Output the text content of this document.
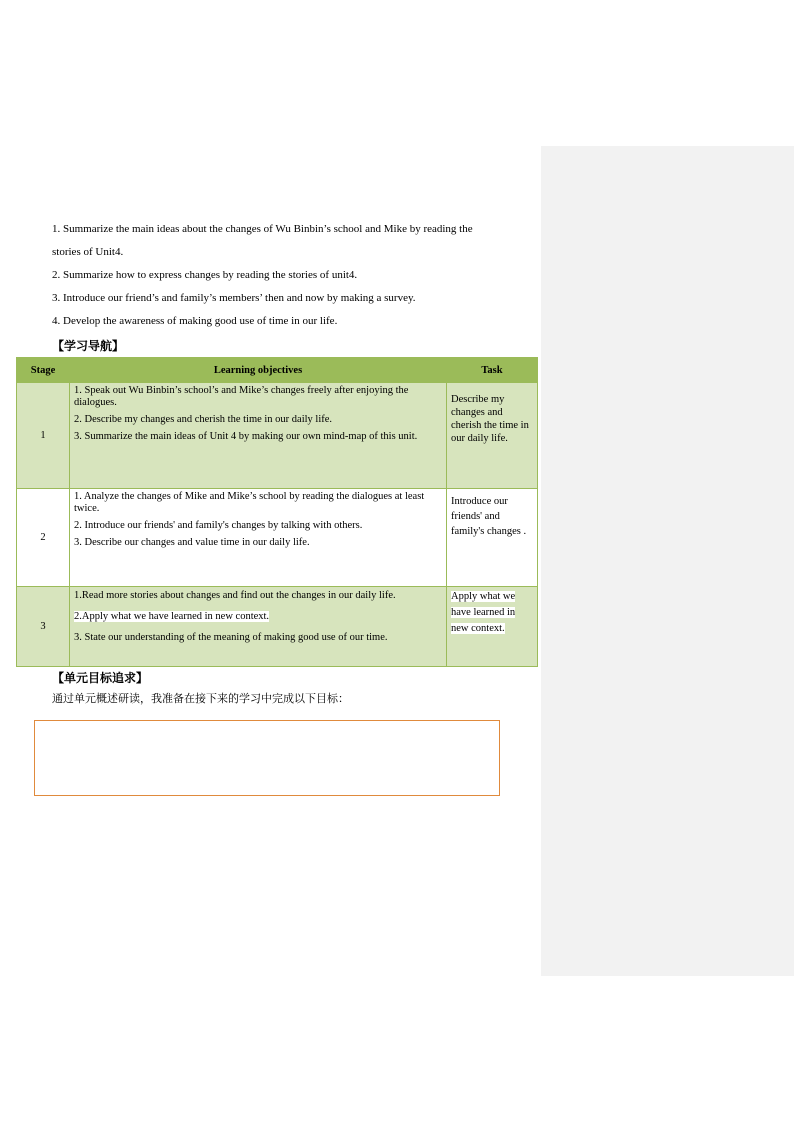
1. Summarize the main ideas about the changes of Wu Binbin’s school and Mike by reading the
stories of Unit4.
2. Summarize how to express changes by reading the stories of unit4.
3. Introduce our friend’s and family’s members’ then and now by making a survey.
4. Develop the awareness of making good use of time in our life.
【学习导航】
Stage	Learning objectives	Task
1	1. Speak out Wu Binbin’s school’s and Mike’s changes freely after enjoying the dialogues.

2. Describe my changes and cherish the time in our daily life.

3. Summarize the main ideas of Unit 4 by making our own mind-map of this unit.	Describe my changes and cherish the time in our daily life.
2	1. Analyze the changes of Mike and Mike’s school by reading the dialogues at least twice.

2. Introduce our friends' and family's changes by talking with others.

3. Describe our changes and value time in our daily life.	Introduce our friends' and family's changes .
3	1.Read more stories about changes and find out the changes in our daily life.

2.Apply what we have learned in new context.

3. State our understanding of the meaning of making good use of our time.	Apply what we have learned in new context.
【单元目标追求】
通过单元概述研读，我准备在接下来的学习中完成以下目标：
